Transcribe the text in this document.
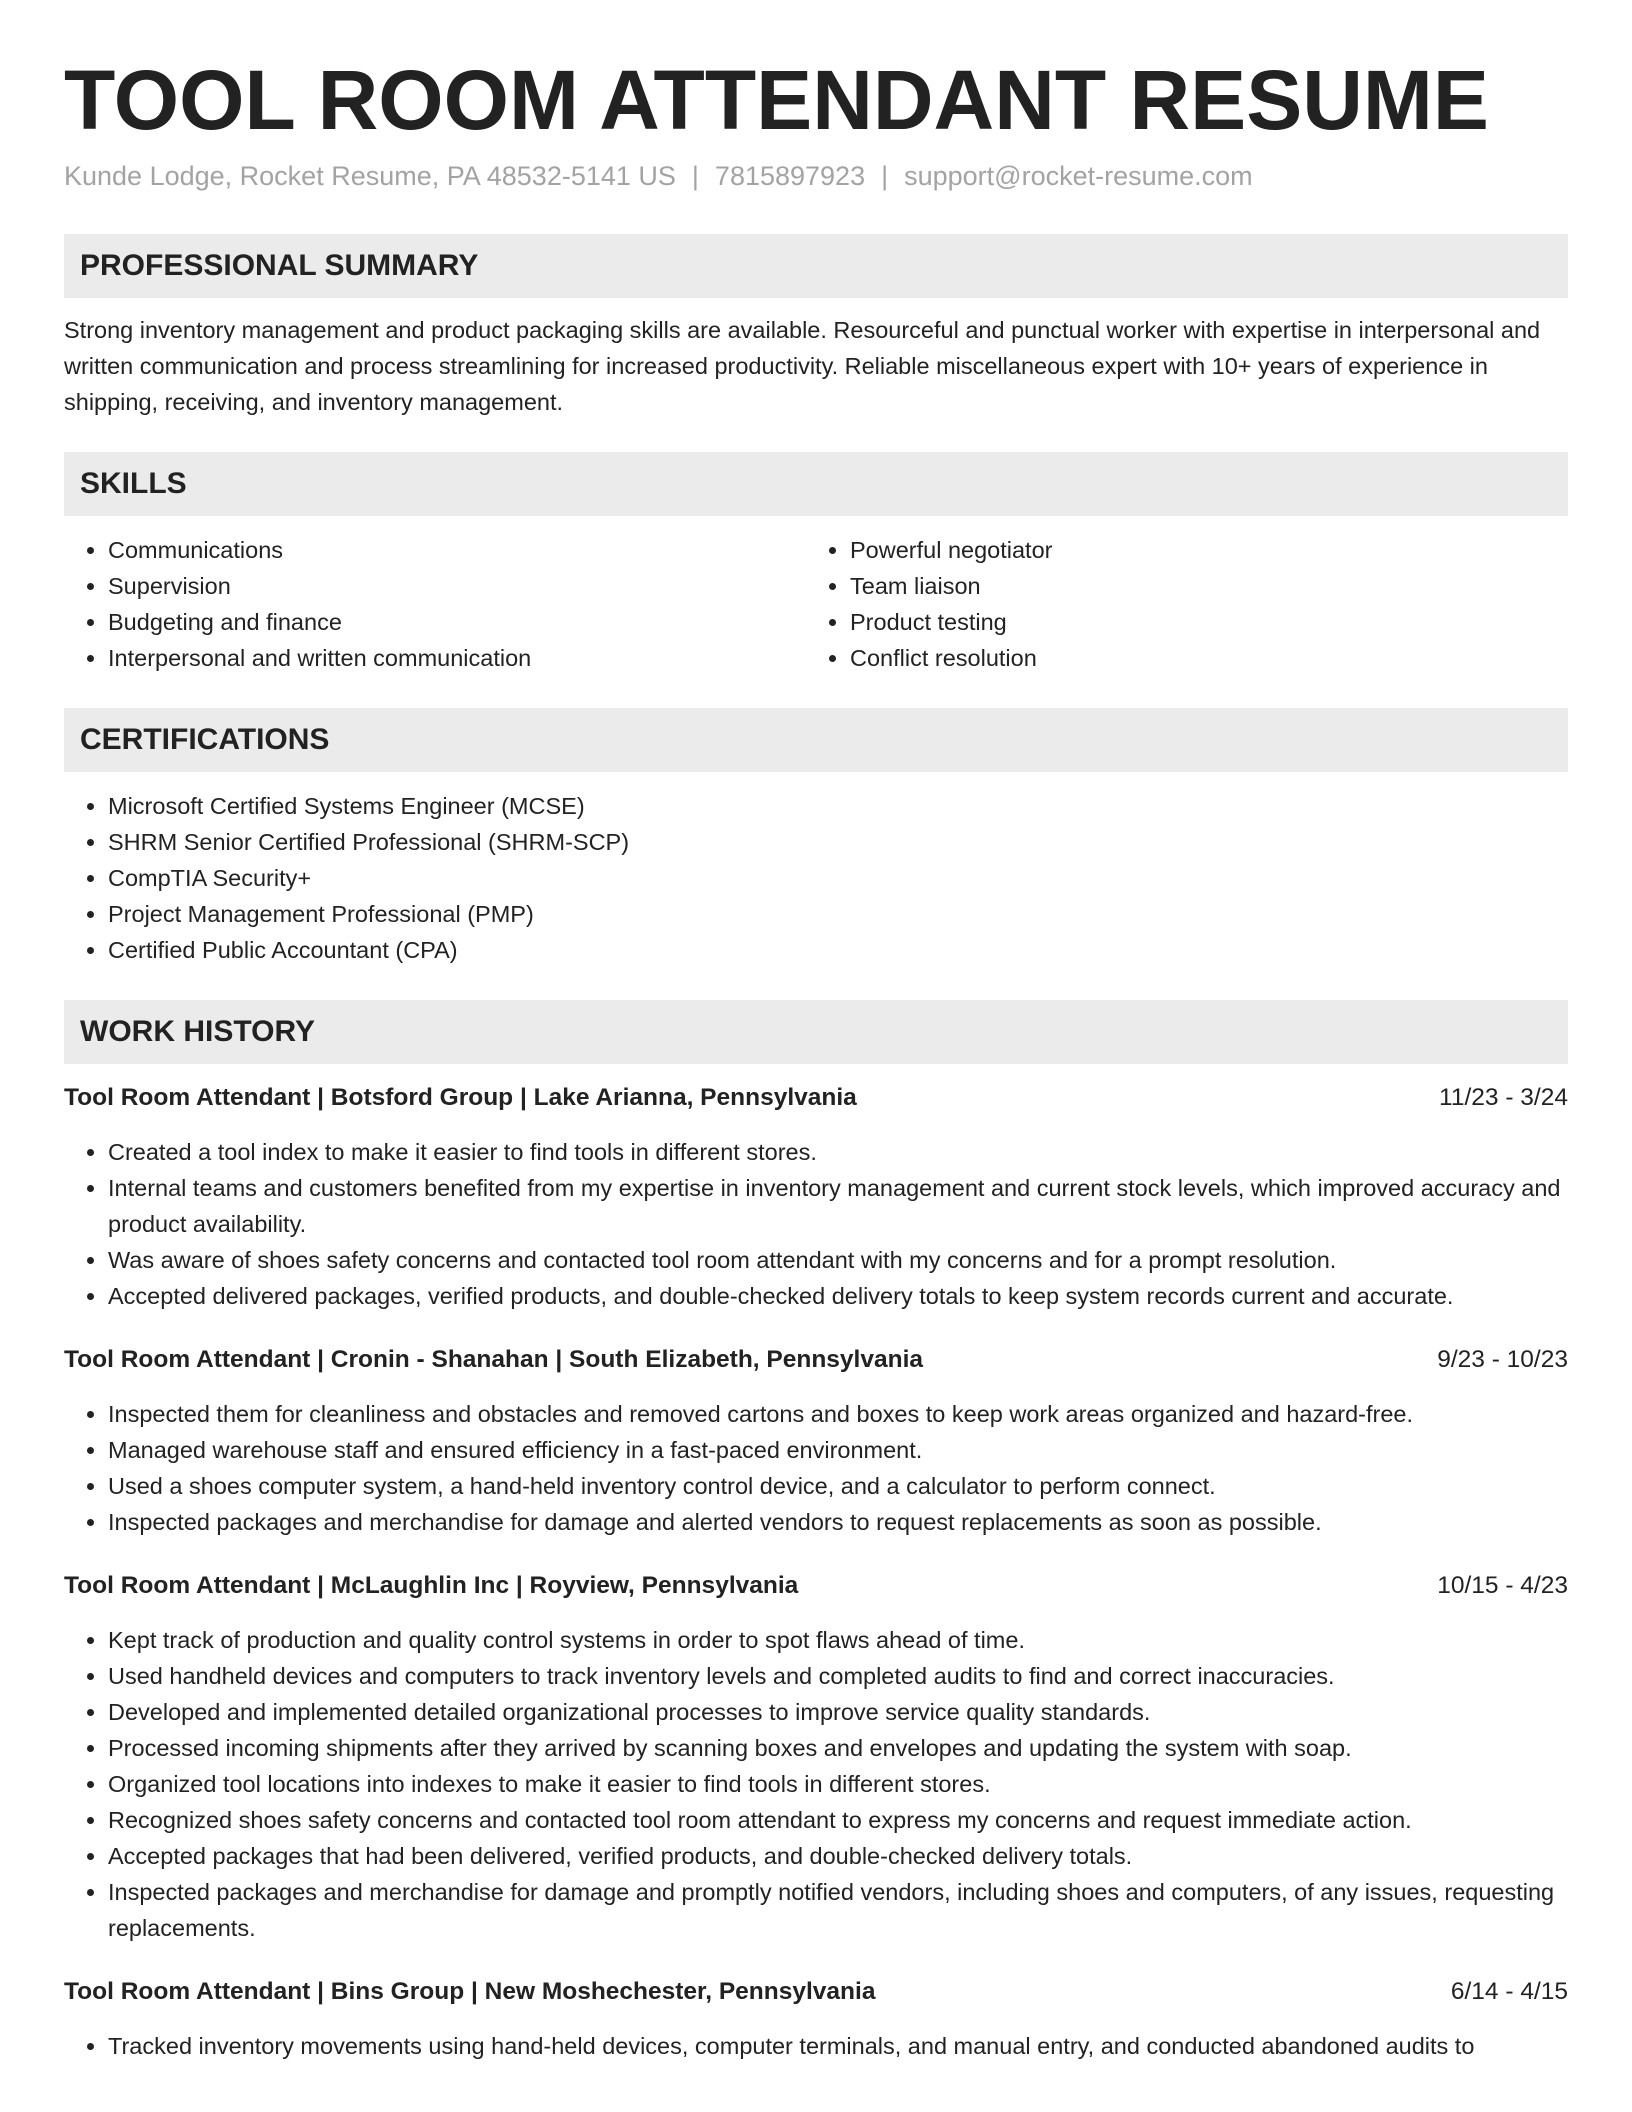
TOOL ROOM ATTENDANT RESUME
Kunde Lodge, Rocket Resume, PA 48532-5141 US | 7815897923 | support@rocket-resume.com
PROFESSIONAL SUMMARY
Strong inventory management and product packaging skills are available. Resourceful and punctual worker with expertise in interpersonal and written communication and process streamlining for increased productivity. Reliable miscellaneous expert with 10+ years of experience in shipping, receiving, and inventory management.
SKILLS
• Communications
• Supervision
• Budgeting and finance
• Interpersonal and written communication
• Powerful negotiator
• Team liaison
• Product testing
• Conflict resolution
CERTIFICATIONS
• Microsoft Certified Systems Engineer (MCSE)
• SHRM Senior Certified Professional (SHRM-SCP)
• CompTIA Security+
• Project Management Professional (PMP)
• Certified Public Accountant (CPA)
WORK HISTORY
Tool Room Attendant | Botsford Group | Lake Arianna, Pennsylvania	11/23 - 3/24
• Created a tool index to make it easier to find tools in different stores.
• Internal teams and customers benefited from my expertise in inventory management and current stock levels, which improved accuracy and product availability.
• Was aware of shoes safety concerns and contacted tool room attendant with my concerns and for a prompt resolution.
• Accepted delivered packages, verified products, and double-checked delivery totals to keep system records current and accurate.
Tool Room Attendant | Cronin - Shanahan | South Elizabeth, Pennsylvania	9/23 - 10/23
• Inspected them for cleanliness and obstacles and removed cartons and boxes to keep work areas organized and hazard-free.
• Managed warehouse staff and ensured efficiency in a fast-paced environment.
• Used a shoes computer system, a hand-held inventory control device, and a calculator to perform connect.
• Inspected packages and merchandise for damage and alerted vendors to request replacements as soon as possible.
Tool Room Attendant | McLaughlin Inc | Royview, Pennsylvania	10/15 - 4/23
• Kept track of production and quality control systems in order to spot flaws ahead of time.
• Used handheld devices and computers to track inventory levels and completed audits to find and correct inaccuracies.
• Developed and implemented detailed organizational processes to improve service quality standards.
• Processed incoming shipments after they arrived by scanning boxes and envelopes and updating the system with soap.
• Organized tool locations into indexes to make it easier to find tools in different stores.
• Recognized shoes safety concerns and contacted tool room attendant to express my concerns and request immediate action.
• Accepted packages that had been delivered, verified products, and double-checked delivery totals.
• Inspected packages and merchandise for damage and promptly notified vendors, including shoes and computers, of any issues, requesting replacements.
Tool Room Attendant | Bins Group | New Moshechester, Pennsylvania	6/14 - 4/15
• Tracked inventory movements using hand-held devices, computer terminals, and manual entry, and conducted abandoned audits to
